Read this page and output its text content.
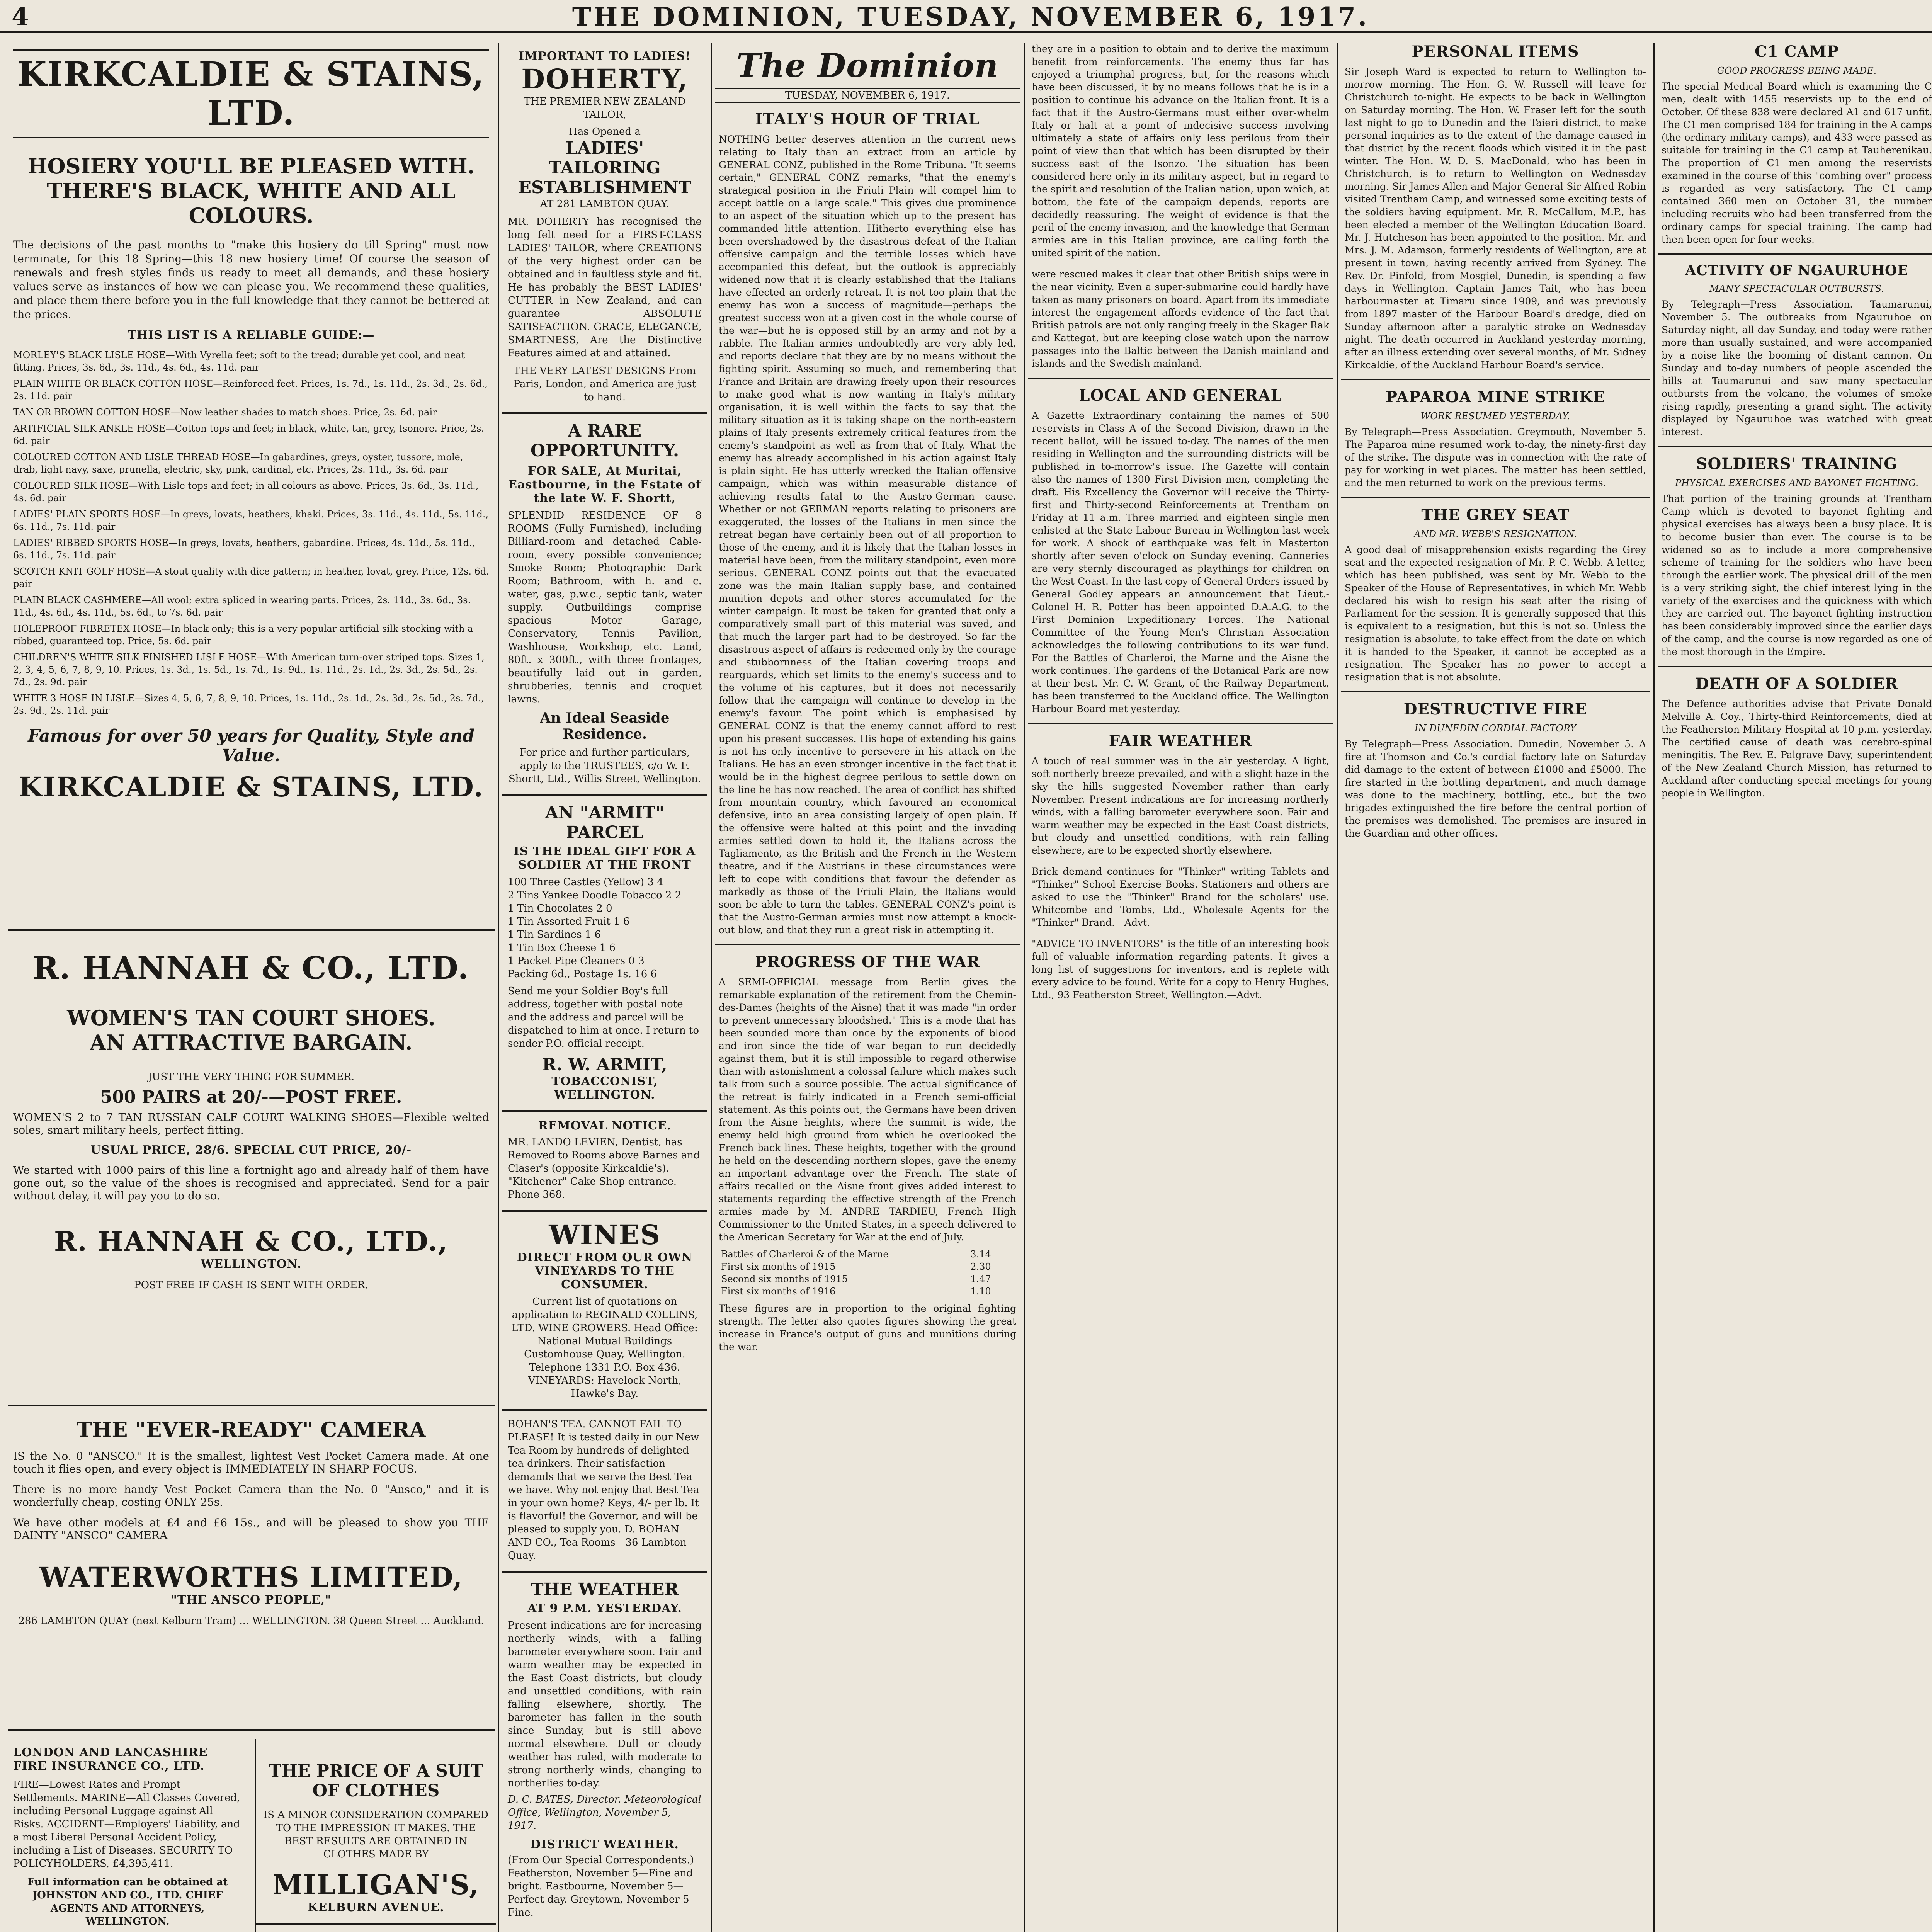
4	THE DOMINION, TUESDAY, NOVEMBER 6, 1917.
KIRKCALDIE & STAINS, LTD.
HOSIERY YOU'LL BE PLEASED WITH.
THERE'S BLACK, WHITE AND ALL COLOURS.
The decisions of the past months to "make this hosiery do till Spring" must now terminate, for this 18 Spring—this 18 new hosiery time! Of course the season of renewals and fresh styles finds us ready to meet all demands, and these hosiery values serve as instances of how we can please you. We recommend these qualities, and place them there before you in the full knowledge that they cannot be bettered at the prices.
THIS LIST IS A RELIABLE GUIDE:—
MORLEY'S BLACK LISLE HOSE—With Vyrella feet; soft to the tread; durable yet cool, and neat fitting. Prices, 3s. 6d., 3s. 11d., 4s. 6d., 4s. 11d. pair
PLAIN WHITE OR BLACK COTTON HOSE—Reinforced feet. Prices, 1s. 7d., 1s. 11d., 2s. 3d., 2s. 6d., 2s. 11d. pair
TAN OR BROWN COTTON HOSE—Now leather shades to match shoes. Price, 2s. 6d. pair
ARTIFICIAL SILK ANKLE HOSE—Cotton tops and feet; in black, white, tan, grey, Isonore. Price, 2s. 6d. pair
COLOURED COTTON AND LISLE THREAD HOSE—In gabardines, greys, oyster, tussore, mole, drab, light navy, saxe, prunella, electric, sky, pink, cardinal, etc. Prices, 2s. 11d., 3s. 6d. pair
COLOURED SILK HOSE—With Lisle tops and feet; in all colours as above. Prices, 3s. 6d., 3s. 11d., 4s. 6d. pair
LADIES' PLAIN SPORTS HOSE—In greys, lovats, heathers, khaki. Prices, 3s. 11d., 4s. 11d., 5s. 11d., 6s. 11d., 7s. 11d. pair
LADIES' RIBBED SPORTS HOSE—In greys, lovats, heathers, gabardine. Prices, 4s. 11d., 5s. 11d., 6s. 11d., 7s. 11d. pair
SCOTCH KNIT GOLF HOSE—A stout quality with dice pattern; in heather, lovat, grey. Price, 12s. 6d. pair
PLAIN BLACK CASHMERE—All wool; extra spliced in wearing parts. Prices, 2s. 11d., 3s. 6d., 3s. 11d., 4s. 6d., 4s. 11d., 5s. 6d., to 7s. 6d. pair
HOLEPROOF FIBRETEX HOSE—In black only; this is a very popular artificial silk stocking with a ribbed, guaranteed top. Price, 5s. 6d. pair
CHILDREN'S WHITE SILK FINISHED LISLE HOSE—With American turn-over striped tops. Sizes 1, 2, 3, 4, 5, 6, 7, 8, 9, 10. Prices, 1s. 3d., 1s. 5d., 1s. 7d., 1s. 9d., 1s. 11d., 2s. 1d., 2s. 3d., 2s. 5d., 2s. 7d., 2s. 9d. pair
WHITE 3 HOSE IN LISLE—Sizes 4, 5, 6, 7, 8, 9, 10. Prices, 1s. 11d., 2s. 1d., 2s. 3d., 2s. 5d., 2s. 7d., 2s. 9d., 2s. 11d. pair
Famous for over 50 years for Quality, Style and Value.
KIRKCALDIE & STAINS, LTD.
R. HANNAH & CO., LTD.
WOMEN'S TAN COURT SHOES.
AN ATTRACTIVE BARGAIN.
JUST THE VERY THING FOR SUMMER.
500 PAIRS at 20/-—POST FREE.
WOMEN'S 2 to 7 TAN RUSSIAN CALF COURT WALKING SHOES—Flexible welted soles, smart military heels, perfect fitting.
USUAL PRICE, 28/6. SPECIAL CUT PRICE, 20/-
We started with 1000 pairs of this line a fortnight ago and already half of them have gone out, so the value of the shoes is recognised and appreciated. Send for a pair without delay, it will pay you to do so.
R. HANNAH & CO., LTD.,
WELLINGTON.
POST FREE IF CASH IS SENT WITH ORDER.
THE "EVER-READY" CAMERA
IS the No. 0 "ANSCO." It is the smallest, lightest Vest Pocket Camera made. At one touch it flies open, and every object is IMMEDIATELY IN SHARP FOCUS.
There is no more handy Vest Pocket Camera than the No. 0 "Ansco," and it is wonderfully cheap, costing ONLY 25s.
We have other models at £4 and £6 15s., and will be pleased to show you THE DAINTY "ANSCO" CAMERA
WATERWORTHS LIMITED,
"THE ANSCO PEOPLE,"
286 LAMBTON QUAY (next Kelburn Tram) ... WELLINGTON. 38 Queen Street ... Auckland.
LONDON AND LANCASHIRE FIRE INSURANCE CO., LTD.
FIRE—Lowest Rates and Prompt Settlements. MARINE—All Classes Covered, including Personal Luggage against All Risks. ACCIDENT—Employers' Liability, and a most Liberal Personal Accident Policy, including a List of Diseases. SECURITY TO POLICYHOLDERS, £4,395,411.
Full information can be obtained at JOHNSTON AND CO., LTD. CHIEF AGENTS AND ATTORNEYS, WELLINGTON.

THE PRICE OF A SUIT OF CLOTHES
IS A MINOR CONSIDERATION COMPARED TO THE IMPRESSION IT MAKES. THE BEST RESULTS ARE OBTAINED IN CLOTHES MADE BY
MILLIGAN'S,
KELBURN AVENUE.
IMPORTANT TO LADIES!
DOHERTY,
THE PREMIER NEW ZEALAND TAILOR,
Has Opened a
LADIES' TAILORING ESTABLISHMENT
AT 281 LAMBTON QUAY.
MR. DOHERTY has recognised the long felt need for a FIRST-CLASS LADIES' TAILOR, where CREATIONS of the very highest order can be obtained and in faultless style and fit. He has probably the BEST LADIES' CUTTER in New Zealand, and can guarantee ABSOLUTE SATISFACTION. GRACE, ELEGANCE, SMARTNESS, Are the Distinctive Features aimed at and attained.
THE VERY LATEST DESIGNS From Paris, London, and America are just to hand.
A RARE OPPORTUNITY.
FOR SALE, At Muritai, Eastbourne, in the Estate of the late W. F. Shortt,
SPLENDID RESIDENCE OF 8 ROOMS (Fully Furnished), including Billiard-room and detached Cable-room, every possible convenience; Smoke Room; Photographic Dark Room; Bathroom, with h. and c. water, gas, p.w.c., septic tank, water supply. Outbuildings comprise spacious Motor Garage, Conservatory, Tennis Pavilion, Washhouse, Workshop, etc. Land, 80ft. x 300ft., with three frontages, beautifully laid out in garden, shrubberies, tennis and croquet lawns.
An Ideal Seaside Residence.
For price and further particulars, apply to the TRUSTEES, c/o W. F. Shortt, Ltd., Willis Street, Wellington.
AN "ARMIT" PARCEL
IS THE IDEAL GIFT FOR A SOLDIER AT THE FRONT
100 Three Castles (Yellow) 3 4
2 Tins Yankee Doodle Tobacco 2 2
1 Tin Chocolates 2 0
1 Tin Assorted Fruit 1 6
1 Tin Sardines 1 6
1 Tin Box Cheese 1 6
1 Packet Pipe Cleaners 0 3
Packing 6d., Postage 1s. 16 6
Send me your Soldier Boy's full address, together with postal note and the address and parcel will be dispatched to him at once. I return to sender P.O. official receipt.
R. W. ARMIT,
TOBACCONIST,
WELLINGTON.
REMOVAL NOTICE.
MR. LANDO LEVIEN, Dentist, has Removed to Rooms above Barnes and Claser's (opposite Kirkcaldie's). "Kitchener" Cake Shop entrance. Phone 368.
WINES
DIRECT FROM OUR OWN VINEYARDS TO THE CONSUMER.
Current list of quotations on application to REGINALD COLLINS, LTD. WINE GROWERS. Head Office: National Mutual Buildings Customhouse Quay, Wellington. Telephone 1331 P.O. Box 436. VINEYARDS: Havelock North, Hawke's Bay.
BOHAN'S TEA. CANNOT FAIL TO PLEASE! It is tested daily in our New Tea Room by hundreds of delighted tea-drinkers. Their satisfaction demands that we serve the Best Tea we have. Why not enjoy that Best Tea in your own home? Keys, 4/- per lb. It is flavorful! the Governor, and will be pleased to supply you. D. BOHAN AND CO., Tea Rooms—36 Lambton Quay.
THE WEATHER
AT 9 P.M. YESTERDAY.
Present indications are for increasing northerly winds, with a falling barometer everywhere soon. Fair and warm weather may be expected in the East Coast districts, but cloudy and unsettled conditions, with rain falling elsewhere, shortly. The barometer has fallen in the south since Sunday, but is still above normal elsewhere. Dull or cloudy weather has ruled, with moderate to strong northerly winds, changing to northerlies to-day.
D. C. BATES, Director. Meteorological Office, Wellington, November 5, 1917.
DISTRICT WEATHER.
(From Our Special Correspondents.) Featherston, November 5—Fine and bright. Eastbourne, November 5—Perfect day. Greytown, November 5—Fine.
The Dominion
TUESDAY, NOVEMBER 6, 1917.
ITALY'S HOUR OF TRIAL
NOTHING better deserves attention in the current news relating to Italy than an extract from an article by GENERAL CONZ, published in the Rome Tribuna. "It seems certain," GENERAL CONZ remarks, "that the enemy's strategical position in the Friuli Plain will compel him to accept battle on a large scale." This gives due prominence to an aspect of the situation which up to the present has commanded little attention. Hitherto everything else has been overshadowed by the disastrous defeat of the Italian offensive campaign and the terrible losses which have accompanied this defeat, but the outlook is appreciably widened now that it is clearly established that the Italians have effected an orderly retreat. It is not too plain that the enemy has won a success of magnitude—perhaps the greatest success won at a given cost in the whole course of the war—but he is opposed still by an army and not by a rabble. The Italian armies undoubtedly are very ably led, and reports declare that they are by no means without the fighting spirit. Assuming so much, and remembering that France and Britain are drawing freely upon their resources to make good what is now wanting in Italy's military organisation, it is well within the facts to say that the military situation as it is taking shape on the north-eastern plains of Italy presents extremely critical features from the enemy's standpoint as well as from that of Italy. What the enemy has already accomplished in his action against Italy is plain sight. He has utterly wrecked the Italian offensive campaign, which was within measurable distance of achieving results fatal to the Austro-German cause. Whether or not GERMAN reports relating to prisoners are exaggerated, the losses of the Italians in men since the retreat began have certainly been out of all proportion to those of the enemy, and it is likely that the Italian losses in material have been, from the military standpoint, even more serious. GENERAL CONZ points out that the evacuated zone was the main Italian supply base, and contained munition depots and other stores accumulated for the winter campaign. It must be taken for granted that only a comparatively small part of this material was saved, and that much the larger part had to be destroyed. So far the disastrous aspect of affairs is redeemed only by the courage and stubbornness of the Italian covering troops and rearguards, which set limits to the enemy's success and to the volume of his captures, but it does not necessarily follow that the campaign will continue to develop in the enemy's favour. The point which is emphasised by GENERAL CONZ is that the enemy cannot afford to rest upon his present successes. His hope of extending his gains is not his only incentive to persevere in his attack on the Italians. He has an even stronger incentive in the fact that it would be in the highest degree perilous to settle down on the line he has now reached. The area of conflict has shifted from mountain country, which favoured an economical defensive, into an area consisting largely of open plain. If the offensive were halted at this point and the invading armies settled down to hold it, the Italians across the Tagliamento, as the British and the French in the Western theatre, and if the Austrians in these circumstances were left to cope with conditions that favour the defender as markedly as those of the Friuli Plain, the Italians would soon be able to turn the tables. GENERAL CONZ's point is that the Austro-German armies must now attempt a knock-out blow, and that they run a great risk in attempting it.
PROGRESS OF THE WAR
A SEMI-OFFICIAL message from Berlin gives the remarkable explanation of the retirement from the Chemin-des-Dames (heights of the Aisne) that it was made "in order to prevent unnecessary bloodshed." This is a mode that has been sounded more than once by the exponents of blood and iron since the tide of war began to run decidedly against them, but it is still impossible to regard otherwise than with astonishment a colossal failure which makes such talk from such a source possible. The actual significance of the retreat is fairly indicated in a French semi-official statement. As this points out, the Germans have been driven from the Aisne heights, where the summit is wide, the enemy held high ground from which he overlooked the French back lines. These heights, together with the ground he held on the descending northern slopes, gave the enemy an important advantage over the French. The state of affairs recalled on the Aisne front gives added interest to statements regarding the effective strength of the French armies made by M. ANDRE TARDIEU, French High Commissioner to the United States, in a speech delivered to the American Secretary for War at the end of July.
Battles of Charleroi & of the Marne	3.14
First six months of 1915	2.30
Second six months of 1915	1.47
First six months of 1916	1.10
These figures are in proportion to the original fighting strength. The letter also quotes figures showing the great increase in France's output of guns and munitions during the war.
they are in a position to obtain and to derive the maximum benefit from reinforcements. The enemy thus far has enjoyed a triumphal progress, but, for the reasons which have been discussed, it by no means follows that he is in a position to continue his advance on the Italian front. It is a fact that if the Austro-Germans must either over-whelm Italy or halt at a point of indecisive success involving ultimately a state of affairs only less perilous from their point of view than that which has been disrupted by their success east of the Isonzo. The situation has been considered here only in its military aspect, but in regard to the spirit and resolution of the Italian nation, upon which, at bottom, the fate of the campaign depends, reports are decidedly reassuring. The weight of evidence is that the peril of the enemy invasion, and the knowledge that German armies are in this Italian province, are calling forth the united spirit of the nation.
were rescued makes it clear that other British ships were in the near vicinity. Even a super-submarine could hardly have taken as many prisoners on board. Apart from its immediate interest the engagement affords evidence of the fact that British patrols are not only ranging freely in the Skager Rak and Kattegat, but are keeping close watch upon the narrow passages into the Baltic between the Danish mainland and islands and the Swedish mainland.
LOCAL AND GENERAL
A Gazette Extraordinary containing the names of 500 reservists in Class A of the Second Division, drawn in the recent ballot, will be issued to-day. The names of the men residing in Wellington and the surrounding districts will be published in to-morrow's issue. The Gazette will contain also the names of 1300 First Division men, completing the draft. His Excellency the Governor will receive the Thirty-first and Thirty-second Reinforcements at Trentham on Friday at 11 a.m. Three married and eighteen single men enlisted at the State Labour Bureau in Wellington last week for work. A shock of earthquake was felt in Masterton shortly after seven o'clock on Sunday evening. Canneries are very sternly discouraged as playthings for children on the West Coast. In the last copy of General Orders issued by General Godley appears an announcement that Lieut.-Colonel H. R. Potter has been appointed D.A.A.G. to the First Dominion Expeditionary Forces. The National Committee of the Young Men's Christian Association acknowledges the following contributions to its war fund. For the Battles of Charleroi, the Marne and the Aisne the work continues. The gardens of the Botanical Park are now at their best. Mr. C. W. Grant, of the Railway Department, has been transferred to the Auckland office. The Wellington Harbour Board met yesterday.
FAIR WEATHER
A touch of real summer was in the air yesterday. A light, soft northerly breeze prevailed, and with a slight haze in the sky the hills suggested November rather than early November. Present indications are for increasing northerly winds, with a falling barometer everywhere soon. Fair and warm weather may be expected in the East Coast districts, but cloudy and unsettled conditions, with rain falling elsewhere, are to be expected shortly elsewhere.
Brick demand continues for "Thinker" writing Tablets and "Thinker" School Exercise Books. Stationers and others are asked to use the "Thinker" Brand for the scholars' use. Whitcombe and Tombs, Ltd., Wholesale Agents for the "Thinker" Brand.—Advt.
"ADVICE TO INVENTORS" is the title of an interesting book full of valuable information regarding patents. It gives a long list of suggestions for inventors, and is replete with every advice to be found. Write for a copy to Henry Hughes, Ltd., 93 Featherston Street, Wellington.—Advt.
PERSONAL ITEMS
Sir Joseph Ward is expected to return to Wellington to-morrow morning. The Hon. G. W. Russell will leave for Christchurch to-night. He expects to be back in Wellington on Saturday morning. The Hon. W. Fraser left for the south last night to go to Dunedin and the Taieri district, to make personal inquiries as to the extent of the damage caused in that district by the recent floods which visited it in the past winter. The Hon. W. D. S. MacDonald, who has been in Christchurch, is to return to Wellington on Wednesday morning. Sir James Allen and Major-General Sir Alfred Robin visited Trentham Camp, and witnessed some exciting tests of the soldiers having equipment. Mr. R. McCallum, M.P., has been elected a member of the Wellington Education Board. Mr. J. Hutcheson has been appointed to the position. Mr. and Mrs. J. M. Adamson, formerly residents of Wellington, are at present in town, having recently arrived from Sydney. The Rev. Dr. Pinfold, from Mosgiel, Dunedin, is spending a few days in Wellington. Captain James Tait, who has been harbourmaster at Timaru since 1909, and was previously from 1897 master of the Harbour Board's dredge, died on Sunday afternoon after a paralytic stroke on Wednesday night. The death occurred in Auckland yesterday morning, after an illness extending over several months, of Mr. Sidney Kirkcaldie, of the Auckland Harbour Board's service.
PAPAROA MINE STRIKE
WORK RESUMED YESTERDAY.
By Telegraph—Press Association. Greymouth, November 5. The Paparoa mine resumed work to-day, the ninety-first day of the strike. The dispute was in connection with the rate of pay for working in wet places. The matter has been settled, and the men returned to work on the previous terms.
THE GREY SEAT
AND MR. WEBB'S RESIGNATION.
A good deal of misapprehension exists regarding the Grey seat and the expected resignation of Mr. P. C. Webb. A letter, which has been published, was sent by Mr. Webb to the Speaker of the House of Representatives, in which Mr. Webb declared his wish to resign his seat after the rising of Parliament for the session. It is generally supposed that this is equivalent to a resignation, but this is not so. Unless the resignation is absolute, to take effect from the date on which it is handed to the Speaker, it cannot be accepted as a resignation. The Speaker has no power to accept a resignation that is not absolute.
DESTRUCTIVE FIRE
IN DUNEDIN CORDIAL FACTORY
By Telegraph—Press Association. Dunedin, November 5. A fire at Thomson and Co.'s cordial factory late on Saturday did damage to the extent of between £1000 and £5000. The fire started in the bottling department, and much damage was done to the machinery, bottling, etc., but the two brigades extinguished the fire before the central portion of the premises was demolished. The premises are insured in the Guardian and other offices.
C1 CAMP
GOOD PROGRESS BEING MADE.
The special Medical Board which is examining the C men, dealt with 1455 reservists up to the end of October. Of these 838 were declared A1 and 617 unfit. The C1 men comprised 184 for training in the A camps (the ordinary military camps), and 433 were passed as suitable for training in the C1 camp at Tauherenikau. The proportion of C1 men among the reservists examined in the course of this "combing over" process is regarded as very satisfactory. The C1 camp contained 360 men on October 31, the number including recruits who had been transferred from the ordinary camps for special training. The camp had then been open for four weeks.
ACTIVITY OF NGAURUHOE
MANY SPECTACULAR OUTBURSTS.
By Telegraph—Press Association. Taumarunui, November 5. The outbreaks from Ngauruhoe on Saturday night, all day Sunday, and today were rather more than usually sustained, and were accompanied by a noise like the booming of distant cannon. On Sunday and to-day numbers of people ascended the hills at Taumarunui and saw many spectacular outbursts from the volcano, the volumes of smoke rising rapidly, presenting a grand sight. The activity displayed by Ngauruhoe was watched with great interest.
SOLDIERS' TRAINING
PHYSICAL EXERCISES AND BAYONET FIGHTING.
That portion of the training grounds at Trentham Camp which is devoted to bayonet fighting and physical exercises has always been a busy place. It is to become busier than ever. The course is to be widened so as to include a more comprehensive scheme of training for the soldiers who have been through the earlier work. The physical drill of the men is a very striking sight, the chief interest lying in the variety of the exercises and the quickness with which they are carried out. The bayonet fighting instruction has been considerably improved since the earlier days of the camp, and the course is now regarded as one of the most thorough in the Empire.
DEATH OF A SOLDIER
The Defence authorities advise that Private Donald Melville A. Coy., Thirty-third Reinforcements, died at the Featherston Military Hospital at 10 p.m. yesterday. The certified cause of death was cerebro-spinal meningitis. The Rev. E. Palgrave Davy, superintendent of the New Zealand Church Mission, has returned to Auckland after conducting special meetings for young people in Wellington.
